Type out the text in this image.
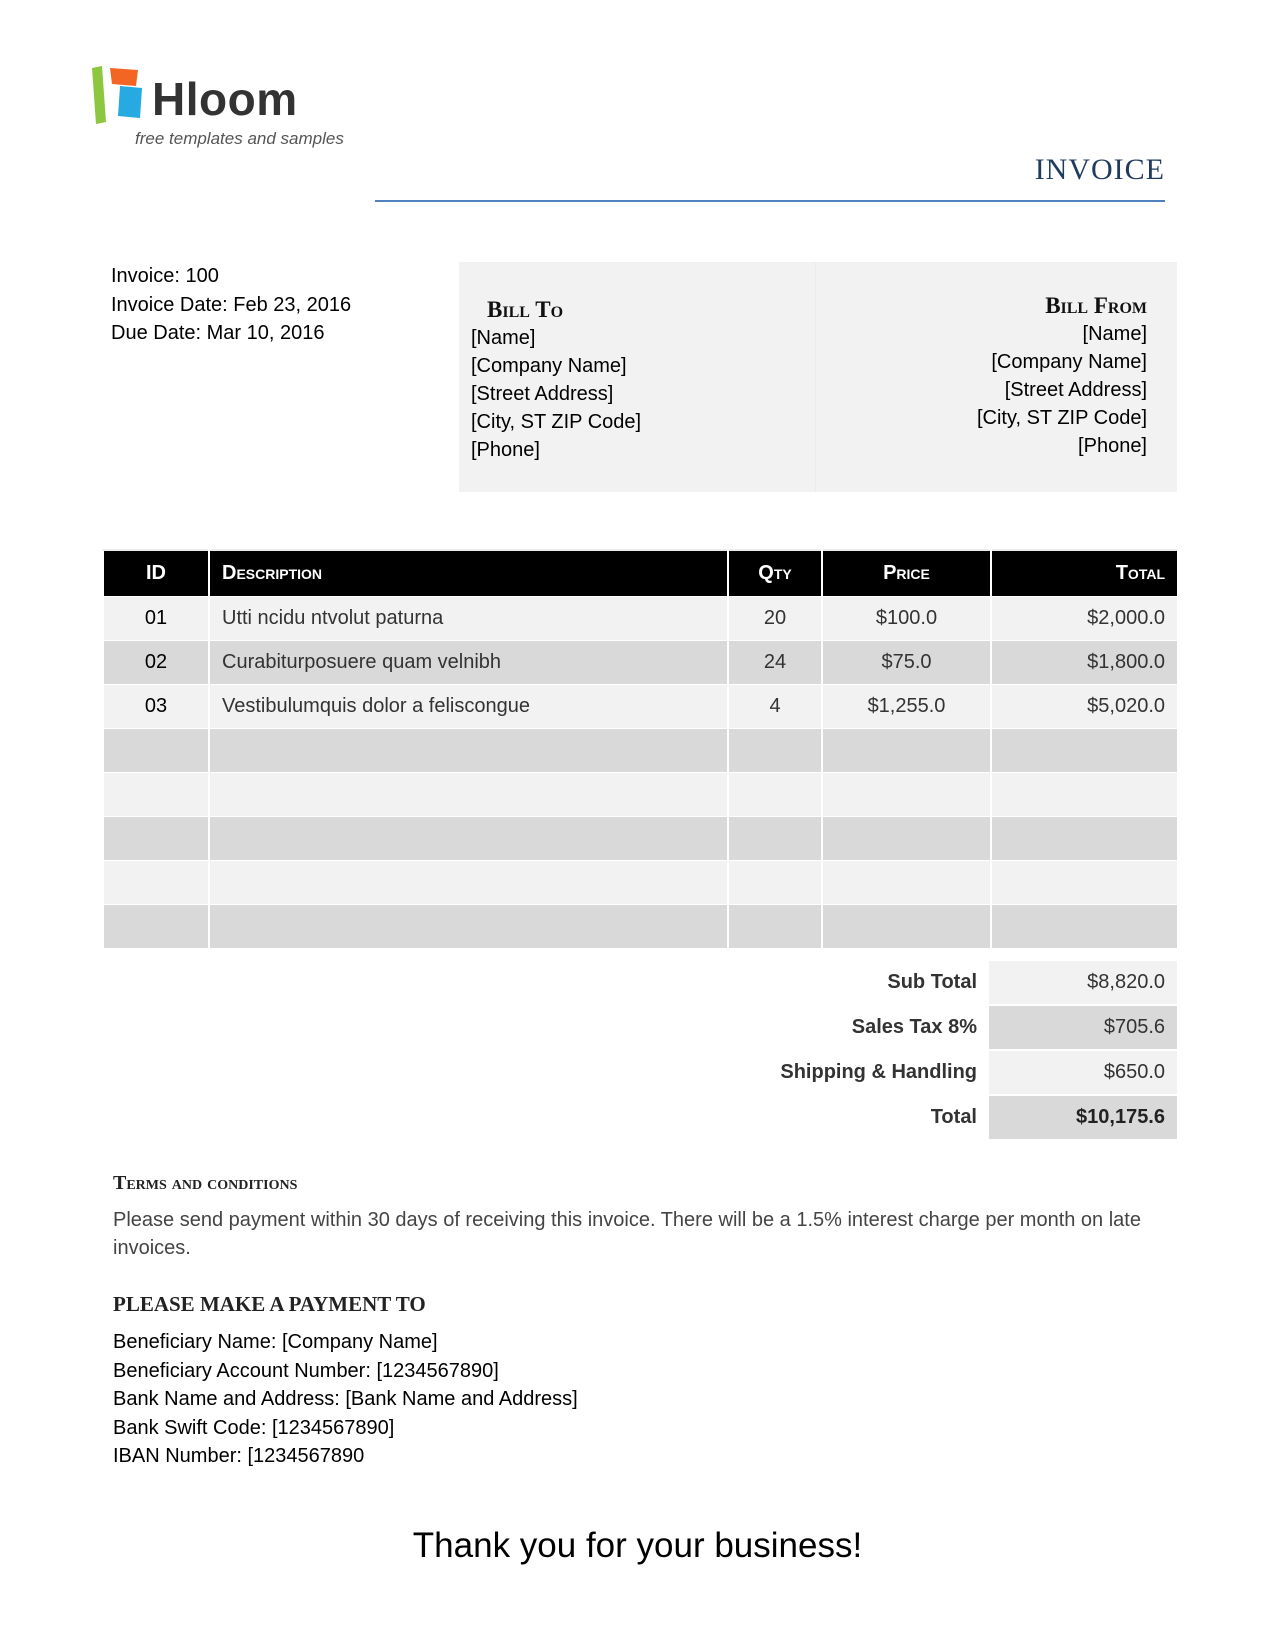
Hloom
free templates and samples
INVOICE
Invoice: 100
Invoice Date: Feb 23, 2016
Due Date: Mar 10, 2016
Bill To
[Name]
[Company Name]
[Street Address]
[City, ST ZIP Code]
[Phone]
Bill From
[Name]
[Company Name]
[Street Address]
[City, ST ZIP Code]
[Phone]
ID	Description	Qty	Price	Total
01	Utti ncidu ntvolut paturna	20	$100.0	$2,000.0
02	Curabiturposuere quam velnibh	24	$75.0	$1,800.0
03	Vestibulumquis dolor a feliscongue	4	$1,255.0	$5,020.0

Sub Total	$8,820.0
Sales Tax 8%	$705.6
Shipping & Handling	$650.0
Total	$10,175.6
Terms and conditions
Please send payment within 30 days of receiving this invoice. There will be a 1.5% interest charge per month on late invoices.
PLEASE MAKE A PAYMENT TO
Beneficiary Name: [Company Name]
Beneficiary Account Number: [1234567890]
Bank Name and Address: [Bank Name and Address]
Bank Swift Code: [1234567890]
IBAN Number: [1234567890
Thank you for your business!
